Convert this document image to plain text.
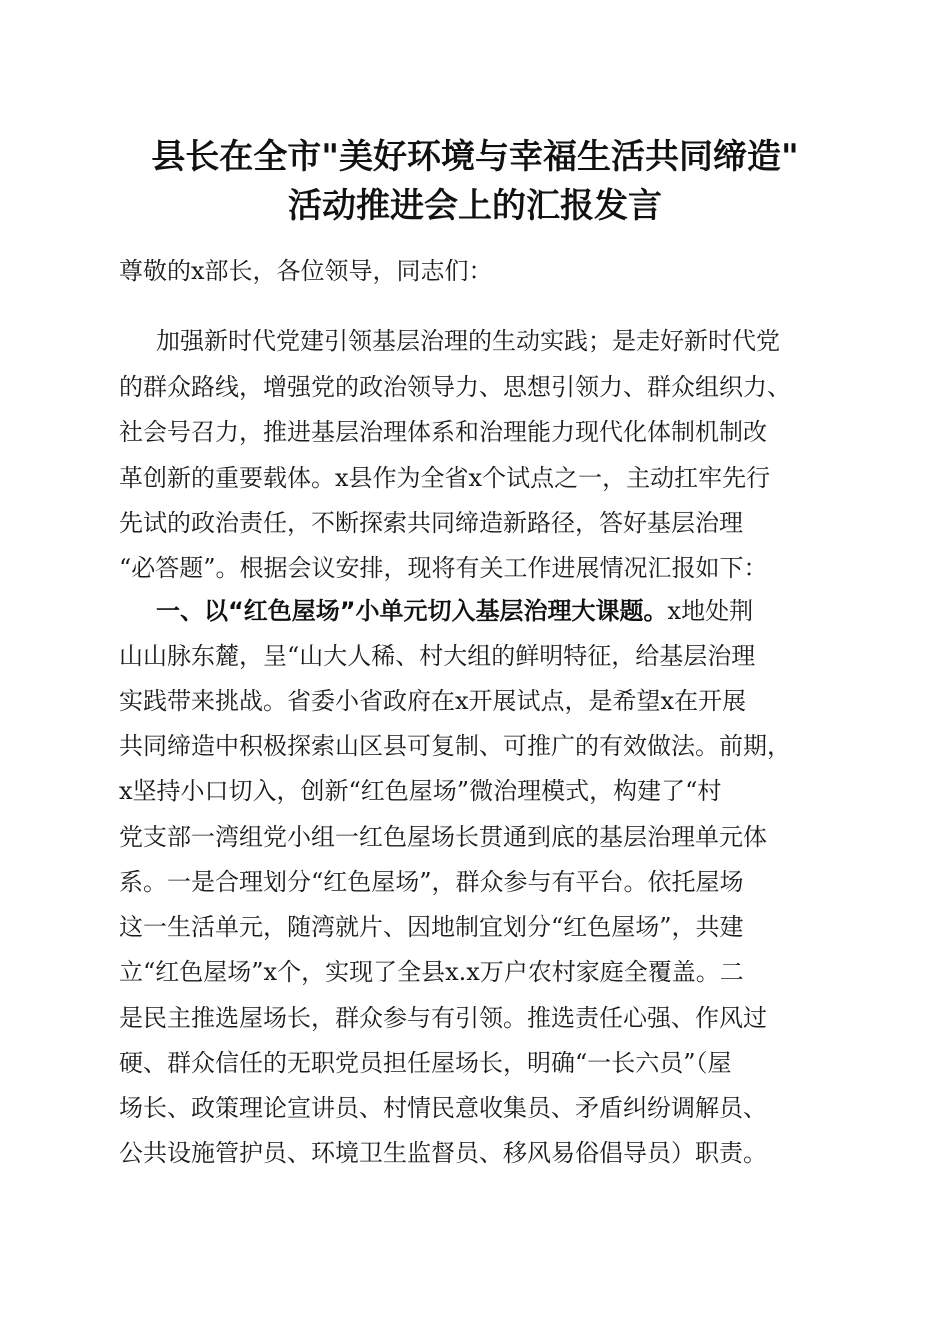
县长在全市"美好环境与幸福生活共同缔造"
活动推进会上的汇报发言
尊敬的x部长，各位领导，同志们：
加强新时代党建引领基层治理的生动实践；是走好新时代党
的群众路线，增强党的政治领导力、思想引领力、群众组织力、
社会号召力，推进基层治理体系和治理能力现代化体制机制改
革创新的重要载体。x县作为全省x个试点之一，主动扛牢先行
先试的政治责任，不断探索共同缔造新路径，答好基层治理
“必答题”。根据会议安排，现将有关工作进展情况汇报如下：
一、以“红色屋场”小单元切入基层治理大课题。x地处荆
山山脉东麓，呈“山大人稀、村大组的鲜明特征，给基层治理
实践带来挑战。省委小省政府在x开展试点，是希望x在开展
共同缔造中积极探索山区县可复制、可推广的有效做法。前期，
x坚持小口切入，创新“红色屋场”微治理模式，构建了“村
党支部一湾组党小组一红色屋场长贯通到底的基层治理单元体
系。一是合理划分“红色屋场”，群众参与有平台。依托屋场
这一生活单元，随湾就片、因地制宜划分“红色屋场”，共建
立“红色屋场”x个，实现了全县x.x万户农村家庭全覆盖。二
是民主推选屋场长，群众参与有引领。推选责任心强、作风过
硬、群众信任的无职党员担任屋场长，明确“一长六员”（屋
场长、政策理论宣讲员、村情民意收集员、矛盾纠纷调解员、
公共设施管护员、环境卫生监督员、移风易俗倡导员）职责。
